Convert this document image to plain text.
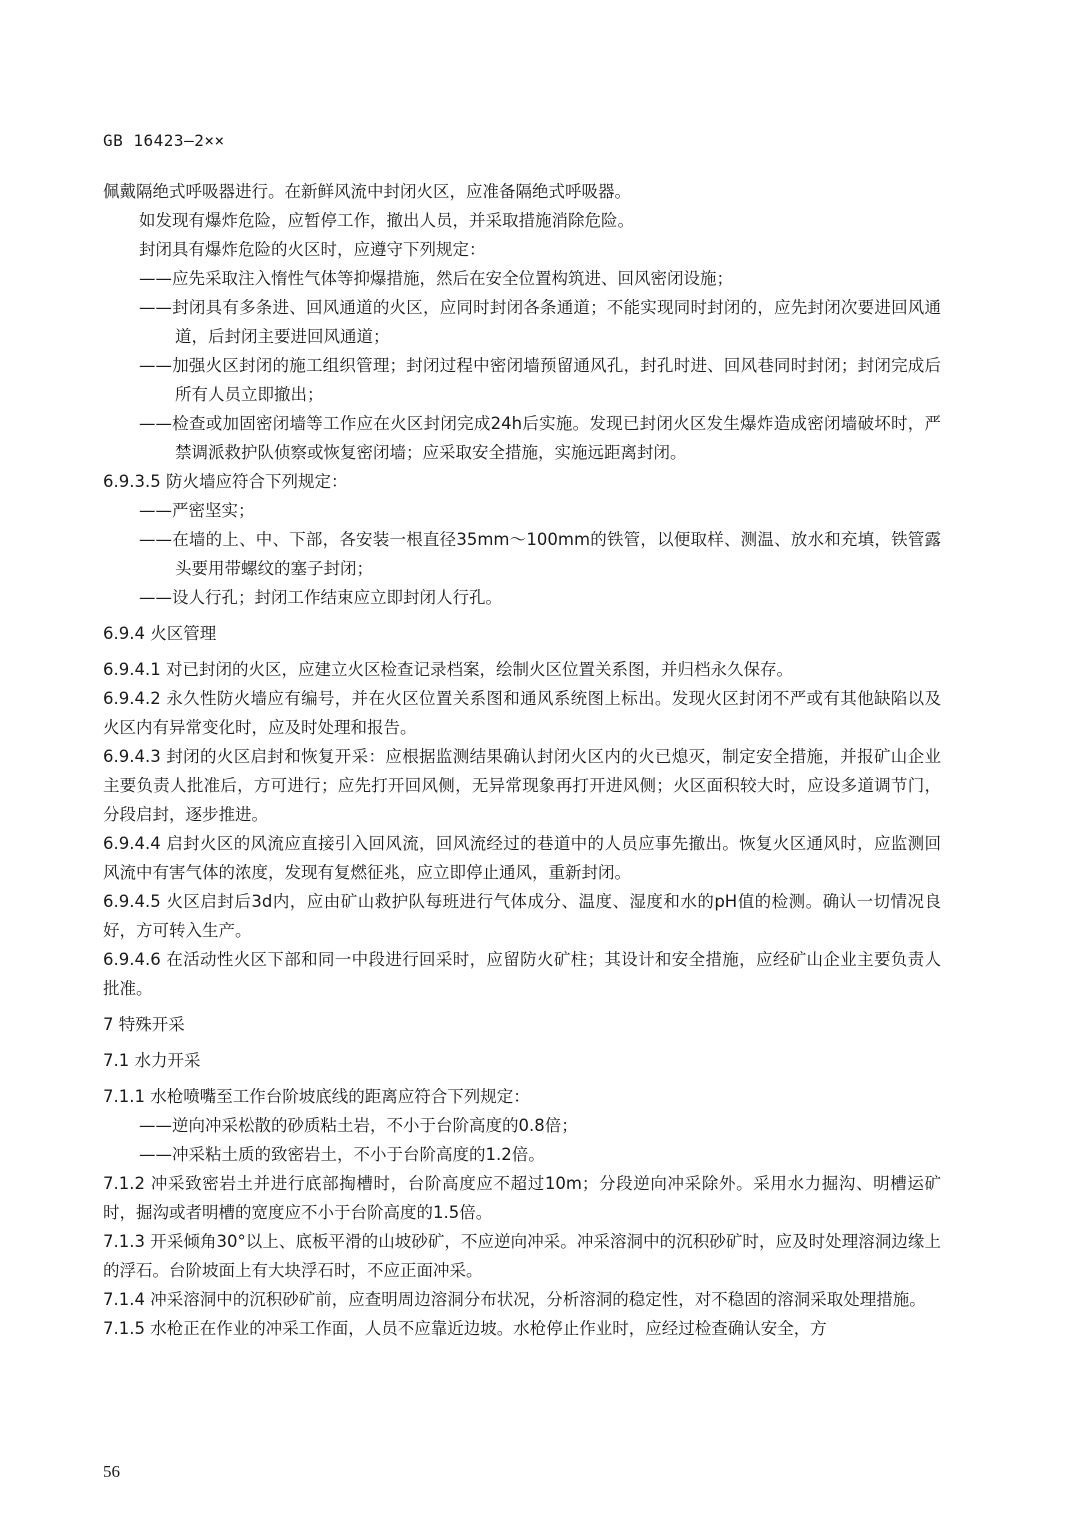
GB 16423—2××

佩戴隔绝式呼吸器进行。在新鲜风流中封闭火区，应准备隔绝式呼吸器。

如发现有爆炸危险，应暂停工作，撤出人员，并采取措施消除危险。

封闭具有爆炸危险的火区时，应遵守下列规定：

——应先采取注入惰性气体等抑爆措施，然后在安全位置构筑进、回风密闭设施；

——封闭具有多条进、回风通道的火区，应同时封闭各条通道；不能实现同时封闭的，应先封闭次要进回风通道，后封闭主要进回风通道；

——加强火区封闭的施工组织管理；封闭过程中密闭墙预留通风孔，封孔时进、回风巷同时封闭；封闭完成后所有人员立即撤出；

——检查或加固密闭墙等工作应在火区封闭完成24h后实施。发现已封闭火区发生爆炸造成密闭墙破坏时，严禁调派救护队侦察或恢复密闭墙；应采取安全措施，实施远距离封闭。

6.9.3.5 防火墙应符合下列规定：

——严密坚实；

——在墙的上、中、下部，各安装一根直径35mm～100mm的铁管，以便取样、测温、放水和充填，铁管露头要用带螺纹的塞子封闭；

——设人行孔；封闭工作结束应立即封闭人行孔。

6.9.4 火区管理

6.9.4.1 对已封闭的火区，应建立火区检查记录档案，绘制火区位置关系图，并归档永久保存。

6.9.4.2 永久性防火墙应有编号，并在火区位置关系图和通风系统图上标出。发现火区封闭不严或有其他缺陷以及火区内有异常变化时，应及时处理和报告。

6.9.4.3 封闭的火区启封和恢复开采：应根据监测结果确认封闭火区内的火已熄灭，制定安全措施，并报矿山企业主要负责人批准后，方可进行；应先打开回风侧，无异常现象再打开进风侧；火区面积较大时，应设多道调节门，分段启封，逐步推进。

6.9.4.4 启封火区的风流应直接引入回风流，回风流经过的巷道中的人员应事先撤出。恢复火区通风时，应监测回风流中有害气体的浓度，发现有复燃征兆，应立即停止通风，重新封闭。

6.9.4.5 火区启封后3d内，应由矿山救护队每班进行气体成分、温度、湿度和水的pH值的检测。确认一切情况良好，方可转入生产。

6.9.4.6 在活动性火区下部和同一中段进行回采时，应留防火矿柱；其设计和安全措施，应经矿山企业主要负责人批准。

7 特殊开采

7.1 水力开采

7.1.1 水枪喷嘴至工作台阶坡底线的距离应符合下列规定：

——逆向冲采松散的砂质粘土岩，不小于台阶高度的0.8倍；

——冲采粘土质的致密岩土，不小于台阶高度的1.2倍。

7.1.2 冲采致密岩土并进行底部掏槽时，台阶高度应不超过10m；分段逆向冲采除外。采用水力掘沟、明槽运矿时，掘沟或者明槽的宽度应不小于台阶高度的1.5倍。

7.1.3 开采倾角30°以上、底板平滑的山坡砂矿，不应逆向冲采。冲采溶洞中的沉积砂矿时，应及时处理溶洞边缘上的浮石。台阶坡面上有大块浮石时，不应正面冲采。

7.1.4 冲采溶洞中的沉积砂矿前，应查明周边溶洞分布状况，分析溶洞的稳定性，对不稳固的溶洞采取处理措施。

7.1.5 水枪正在作业的冲采工作面，人员不应靠近边坡。水枪停止作业时，应经过检查确认安全，方

56
